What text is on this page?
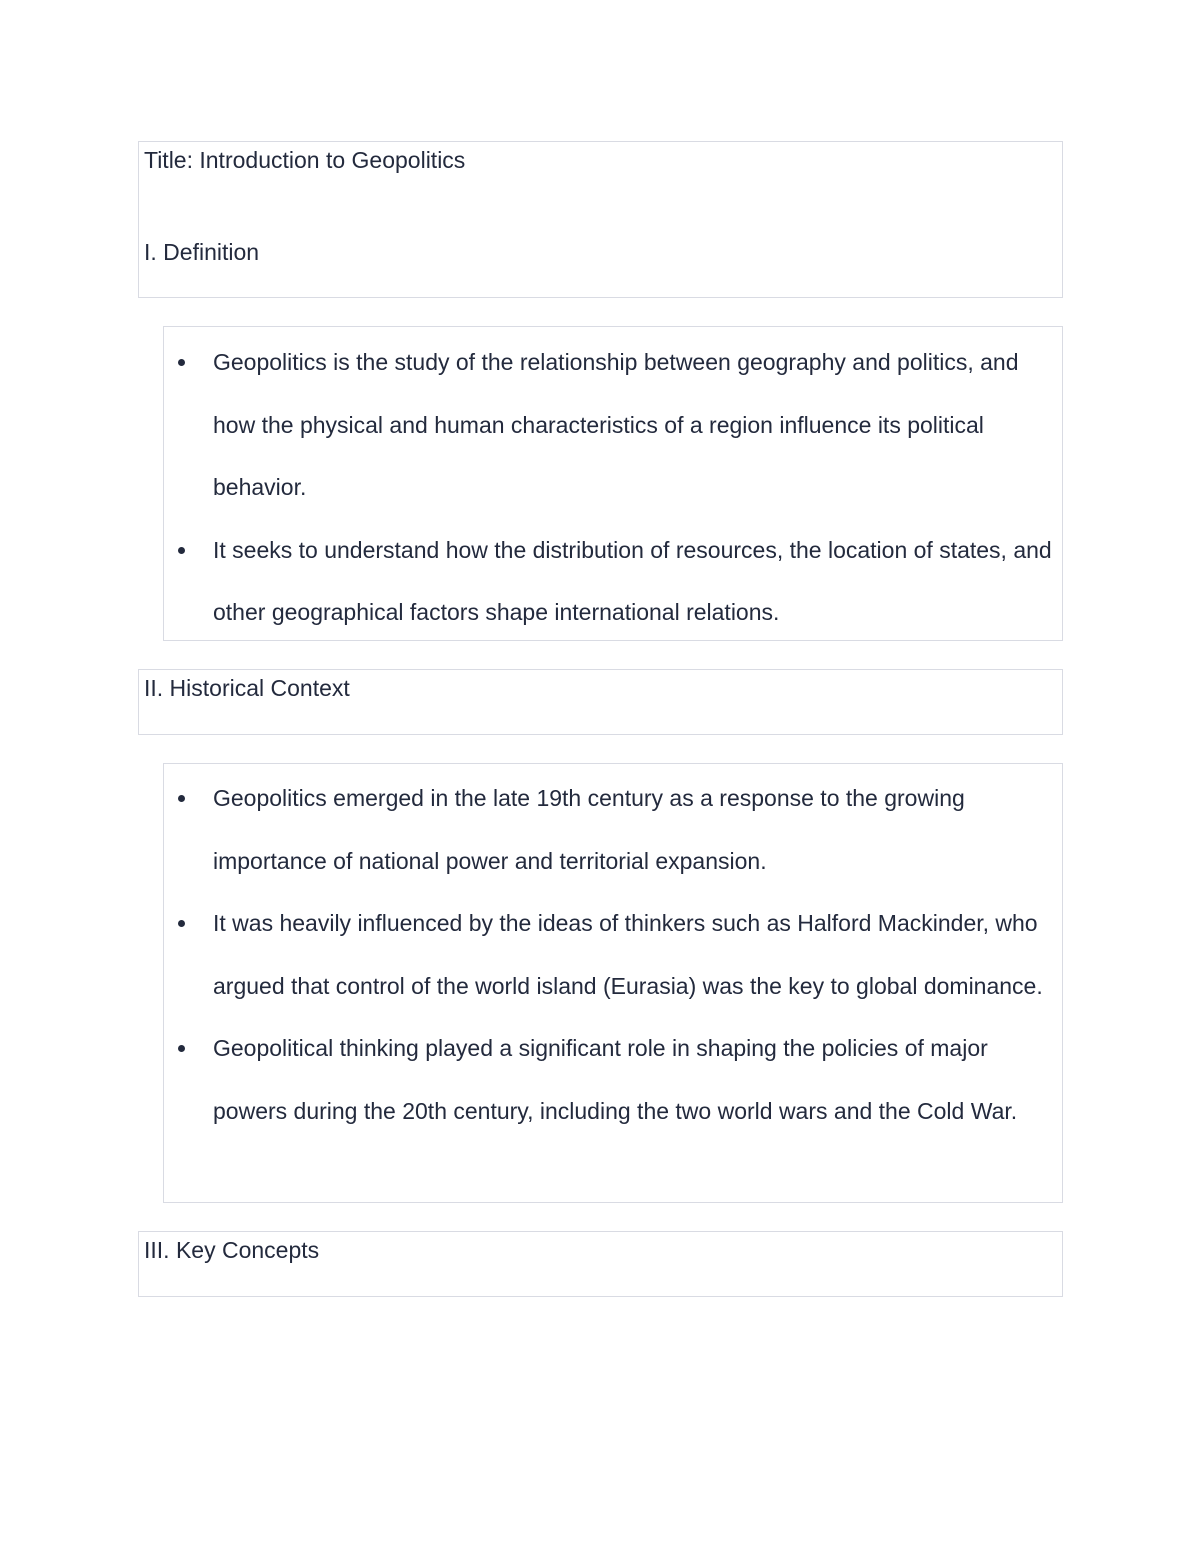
Title: Introduction to Geopolitics
I. Definition
Geopolitics is the study of the relationship between geography and politics, and how the physical and human characteristics of a region influence its political behavior.
It seeks to understand how the distribution of resources, the location of states, and other geographical factors shape international relations.
II. Historical Context
Geopolitics emerged in the late 19th century as a response to the growing importance of national power and territorial expansion.
It was heavily influenced by the ideas of thinkers such as Halford Mackinder, who argued that control of the world island (Eurasia) was the key to global dominance.
Geopolitical thinking played a significant role in shaping the policies of major powers during the 20th century, including the two world wars and the Cold War.
III. Key Concepts
